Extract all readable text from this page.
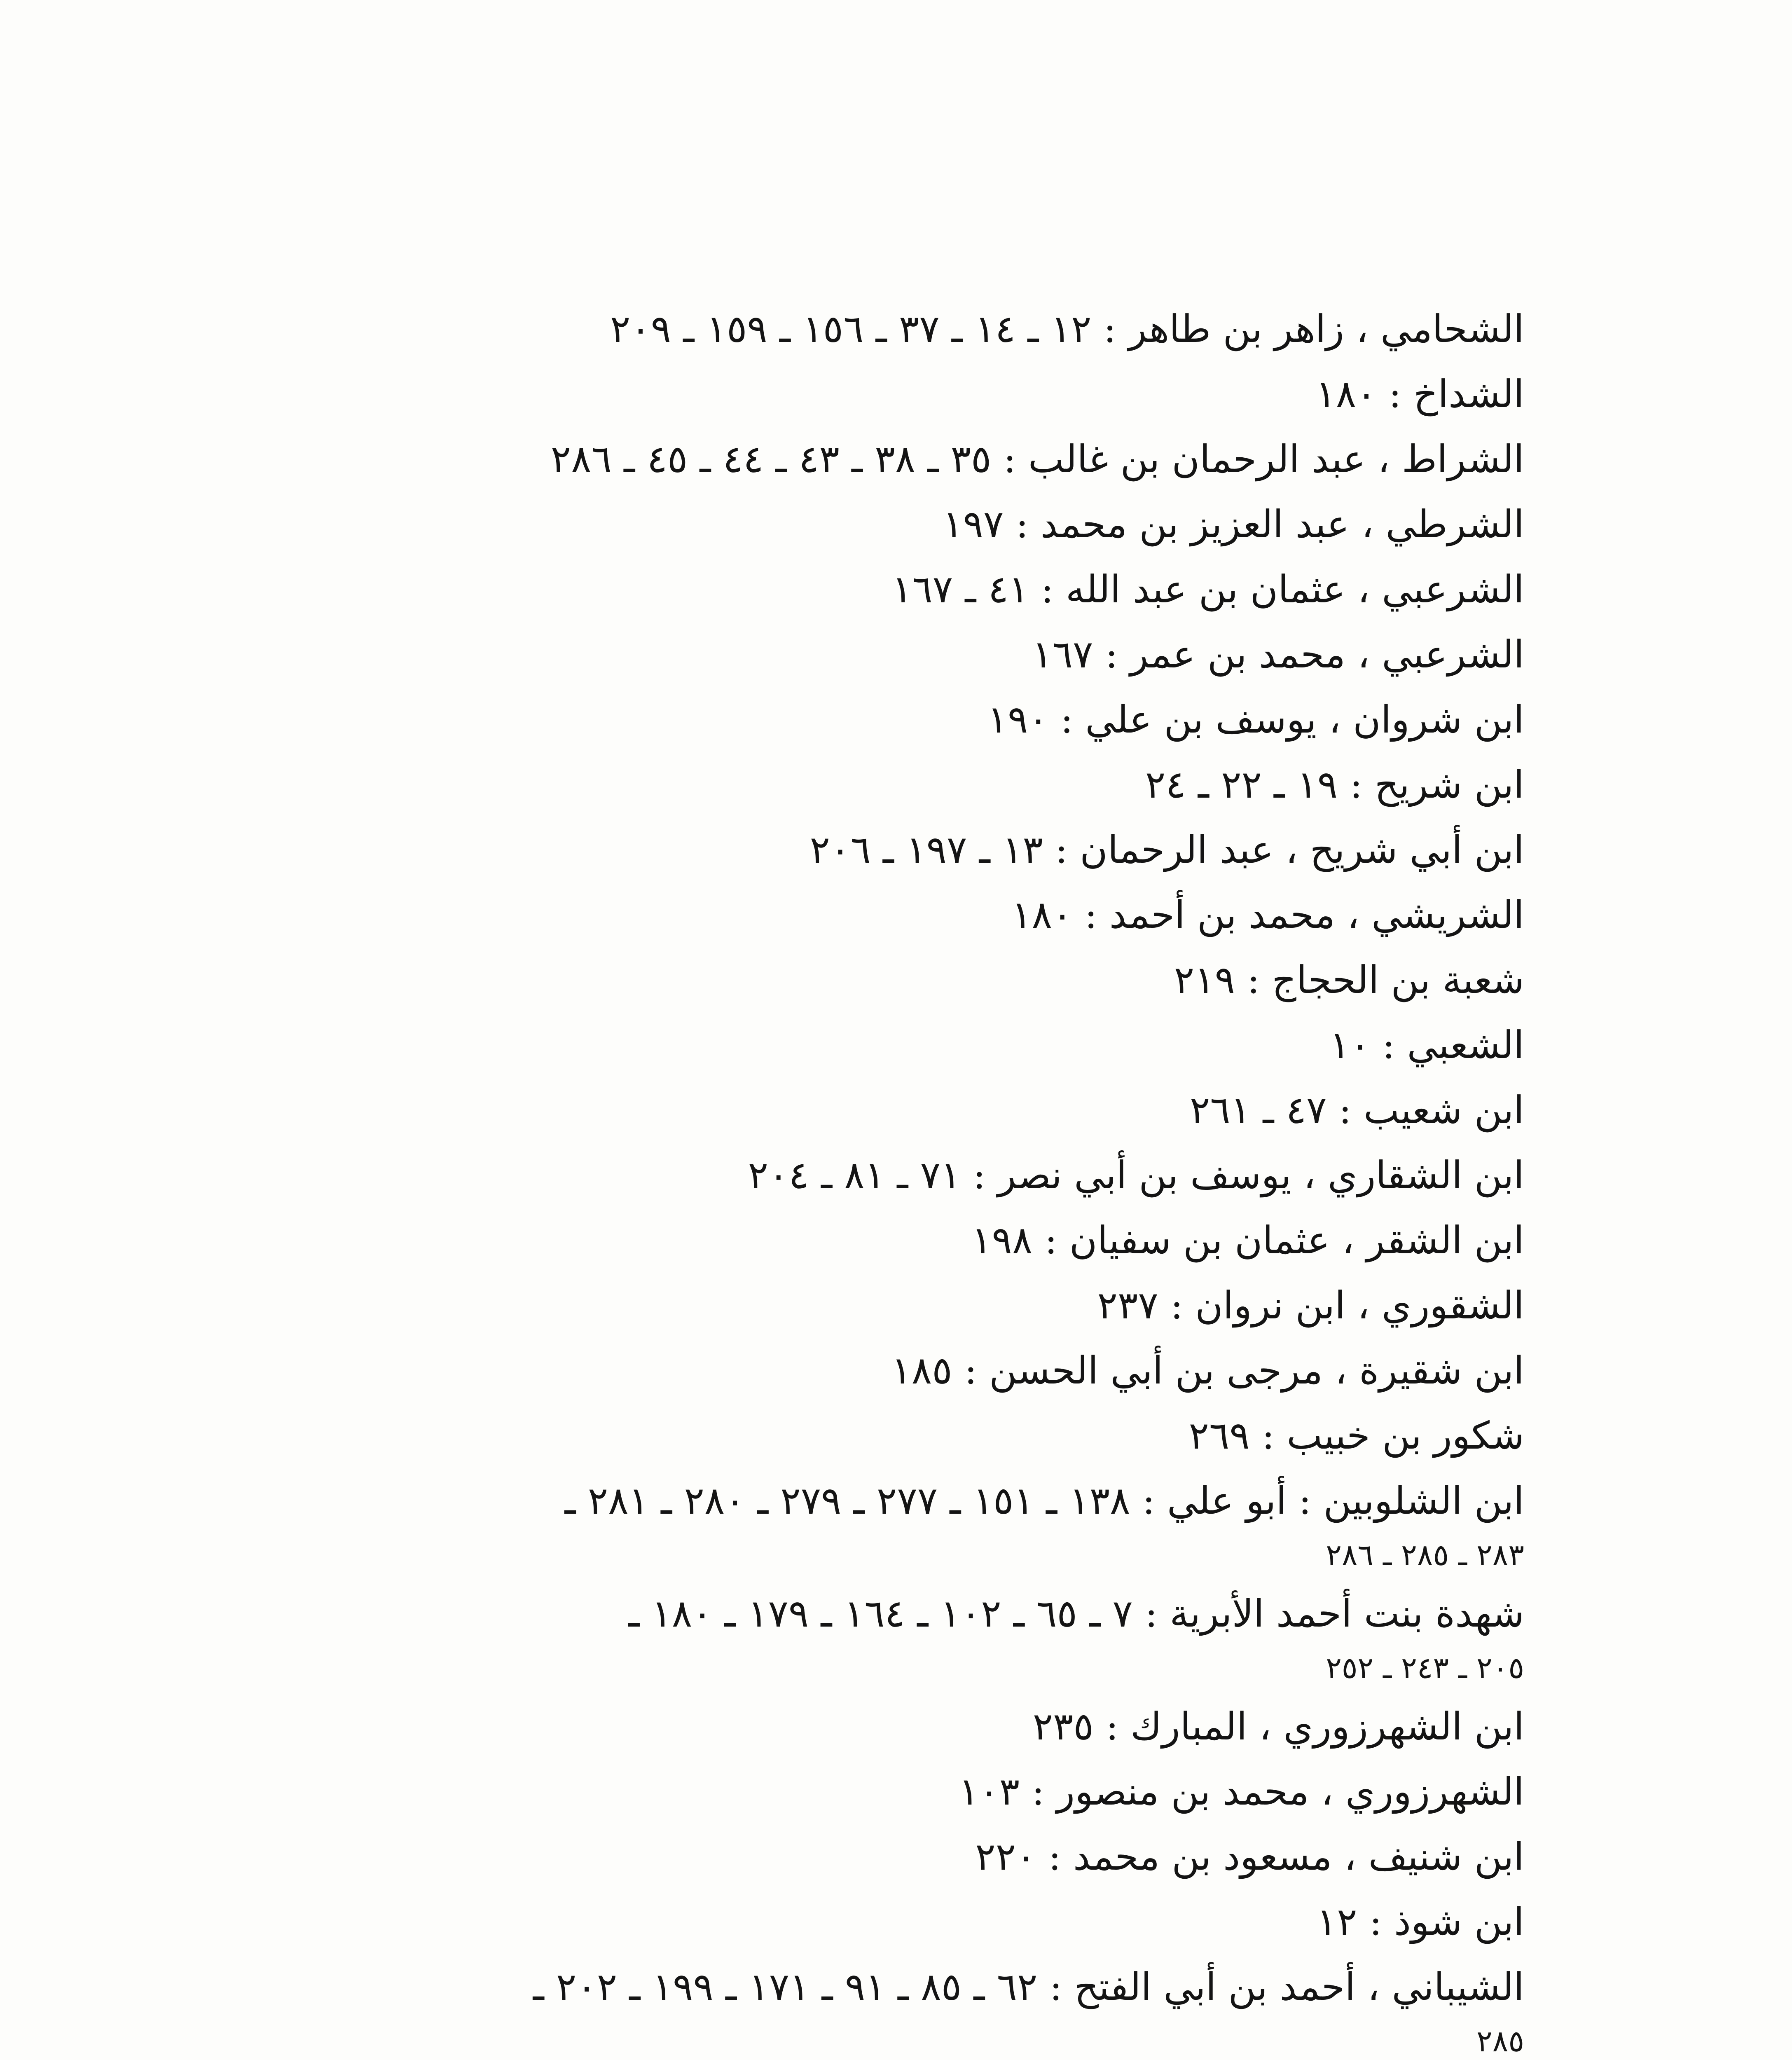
الشحامي ، زاهر بن طاهر : ١٢ ـ ١٤ ـ ٣٧ ـ ١٥٦ ـ ١٥٩ ـ ٢٠٩
الشداخ : ١٨٠
الشراط ، عبد الرحمان بن غالب : ٣٥ ـ ٣٨ ـ ٤٣ ـ ٤٤ ـ ٤٥ ـ ٢٨٦
الشرطي ، عبد العزيز بن محمد : ١٩٧
الشرعبي ، عثمان بن عبد الله : ٤١ ـ ١٦٧
الشرعبي ، محمد بن عمر : ١٦٧
ابن شروان ، يوسف بن علي : ١٩٠
ابن شريح : ١٩ ـ ٢٢ ـ ٢٤
ابن أبي شريح ، عبد الرحمان : ١٣ ـ ١٩٧ ـ ٢٠٦
الشريشي ، محمد بن أحمد : ١٨٠
شعبة بن الحجاج : ٢١٩
الشعبي : ١٠
ابن شعيب : ٤٧ ـ ٢٦١
ابن الشقاري ، يوسف بن أبي نصر : ٧١ ـ ٨١ ـ ٢٠٤
ابن الشقر ، عثمان بن سفيان : ١٩٨
الشقوري ، ابن نروان : ٢٣٧
ابن شقيرة ، مرجى بن أبي الحسن : ١٨٥
شكور بن خبيب : ٢٦٩
ابن الشلوبين : أبو علي : ١٣٨ ـ ١٥١ ـ ٢٧٧ ـ ٢٧٩ ـ ٢٨٠ ـ ٢٨١ ـ
٢٨٣ ـ ٢٨٥ ـ ٢٨٦
شهدة بنت أحمد الأبرية : ٧ ـ ٦٥ ـ ١٠٢ ـ ١٦٤ ـ ١٧٩ ـ ١٨٠ ـ
٢٠٥ ـ ٢٤٣ ـ ٢٥٢
ابن الشهرزوري ، المبارك : ٢٣٥
الشهرزوري ، محمد بن منصور : ١٠٣
ابن شنيف ، مسعود بن محمد : ٢٢٠
ابن شوذ : ١٢
الشيباني ، أحمد بن أبي الفتح : ٦٢ ـ ٨٥ ـ ٩١ ـ ١٧١ ـ ١٩٩ ـ ٢٠٢ ـ
٢٨٥
